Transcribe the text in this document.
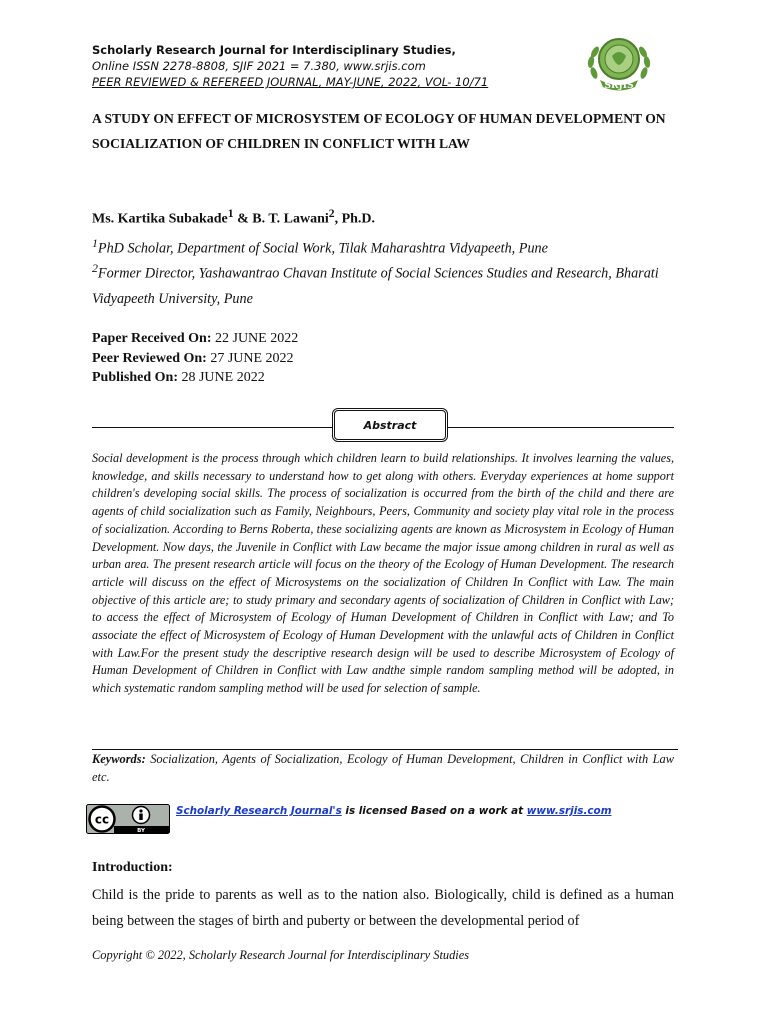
Scholarly Research Journal for Interdisciplinary Studies,
Online ISSN 2278-8808, SJIF 2021 = 7.380, www.srjis.com
PEER REVIEWED & REFEREED JOURNAL, MAY-JUNE, 2022, VOL- 10/71	SRJIS
A STUDY ON EFFECT OF MICROSYSTEM OF ECOLOGY OF HUMAN DEVELOPMENT ON SOCIALIZATION OF CHILDREN IN CONFLICT WITH LAW
Ms. Kartika Subakade$^1$ & B. T. Lawani$^2$, Ph.D.
$^1$PhD Scholar, Department of Social Work, Tilak Maharashtra Vidyapeeth, Pune
$^2$Former Director, Yashawantrao Chavan Institute of Social Sciences Studies and Research, Bharati Vidyapeeth University, Pune
Paper Received On: 22 JUNE 2022
Peer Reviewed On: 27 JUNE 2022
Published On: 28 JUNE 2022
Abstract

Social development is the process through which children learn to build relationships. It involves learning the values, knowledge, and skills necessary to understand how to get along with others. Everyday experiences at home support children's developing social skills. The process of socialization is occurred from the birth of the child and there are agents of child socialization such as Family, Neighbours, Peers, Community and society play vital role in the process of socialization. According to Berns Roberta, these socializing agents are known as Microsystem in Ecology of Human Development. Now days, the Juvenile in Conflict with Law became the major issue among children in rural as well as urban area. The present research article will focus on the theory of the Ecology of Human Development. The research article will discuss on the effect of Microsystems on the socialization of Children In Conflict with Law. The main objective of this article are; to study primary and secondary agents of socialization of Children in Conflict with Law; to access the effect of Microsystem of Ecology of Human Development of Children in Conflict with Law; and To associate the effect of Microsystem of Ecology of Human Development with the unlawful acts of Children in Conflict with Law.For the present study the descriptive research design will be used to describe Microsystem of Ecology of Human Development of Children in Conflict with Law andthe simple random sampling method will be adopted, in which systematic random sampling method will be used for selection of sample.

Keywords: Socialization, Agents of Socialization, Ecology of Human Development, Children in Conflict with Law etc.

cc
BY
Scholarly Research Journal's is licensed Based on a work at www.srjis.com
Introduction:

Child is the pride to parents as well as to the nation also. Biologically, child is defined as a human being between the stages of birth and puberty or between the developmental period of

Copyright © 2022, Scholarly Research Journal for Interdisciplinary Studies
